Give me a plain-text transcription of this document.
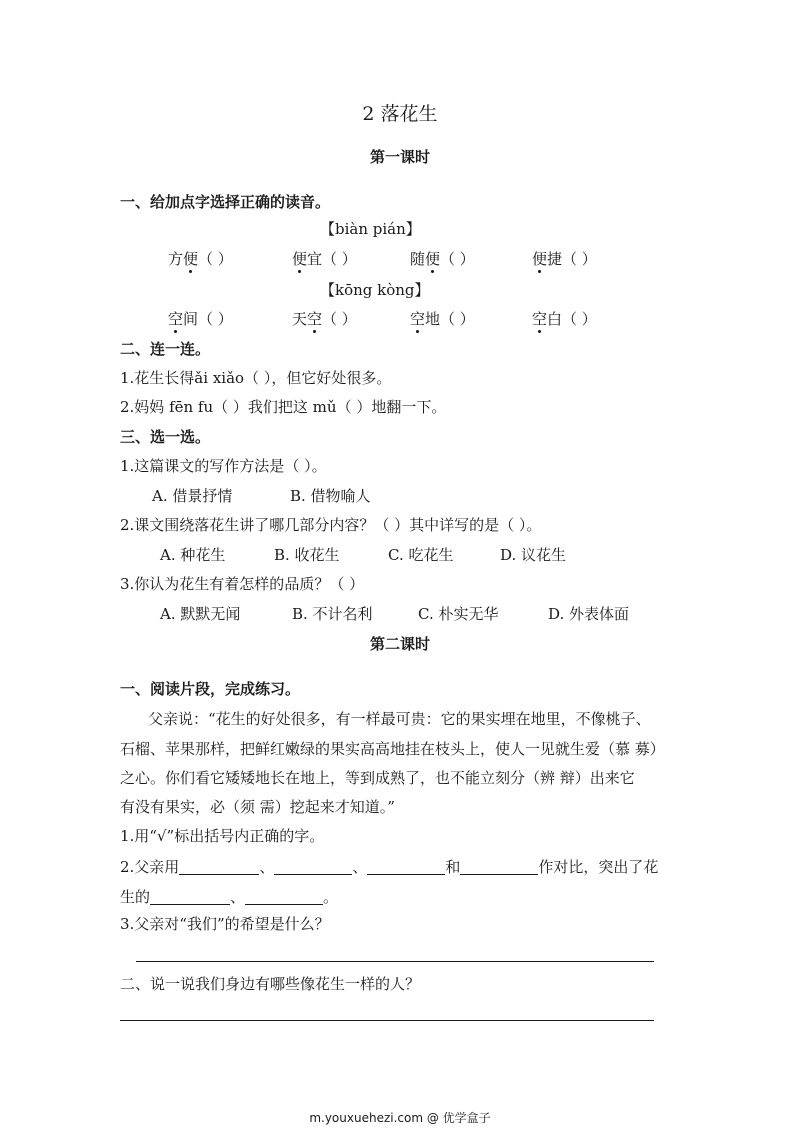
2 落花生
第一课时
一、给加点字选择正确的读音。
【biàn pián】
方便
（ ）	便
宜（ ）	随便
（ ）	便
捷（ ）
【kōng kòng】
空
间（ ）	天空
（ ）	空
地（ ）	空
白（ ）
二、连一连。
1.花生长得ǎi xiǎo（ ），但它好处很多。
2.妈妈 fēn fu（ ）我们把这 mǔ（ ）地翻一下。
三、选一选。
1.这篇课文的写作方法是（ ）。
A. 借景抒情	B. 借物喻人
2.课文围绕落花生讲了哪几部分内容？（ ）其中详写的是（ ）。
A. 种花生	B. 收花生	C. 吃花生	D. 议花生
3.你认为花生有着怎样的品质？（ ）
A. 默默无闻	B. 不计名利	C. 朴实无华	D. 外表体面
第二课时
一、阅读片段，完成练习。
父亲说：“花生的好处很多，有一样最可贵：它的果实埋在地里，不像桃子、
石榴、苹果那样，把鲜红嫩绿的果实高高地挂在枝头上，使人一见就生爱（慕 募）
之心。你们看它矮矮地长在地上，等到成熟了，也不能立刻分（辨 辩）出来它
有没有果实，必（须 需）挖起来才知道。”
1.用“√”标出括号内正确的字。
2.父亲用	、	、	和	作对比，突出了花
生的	、	。
3.父亲对“我们”的希望是什么？
二、说一说我们身边有哪些像花生一样的人？
m.youxuehezi.com @ 优学盒子
